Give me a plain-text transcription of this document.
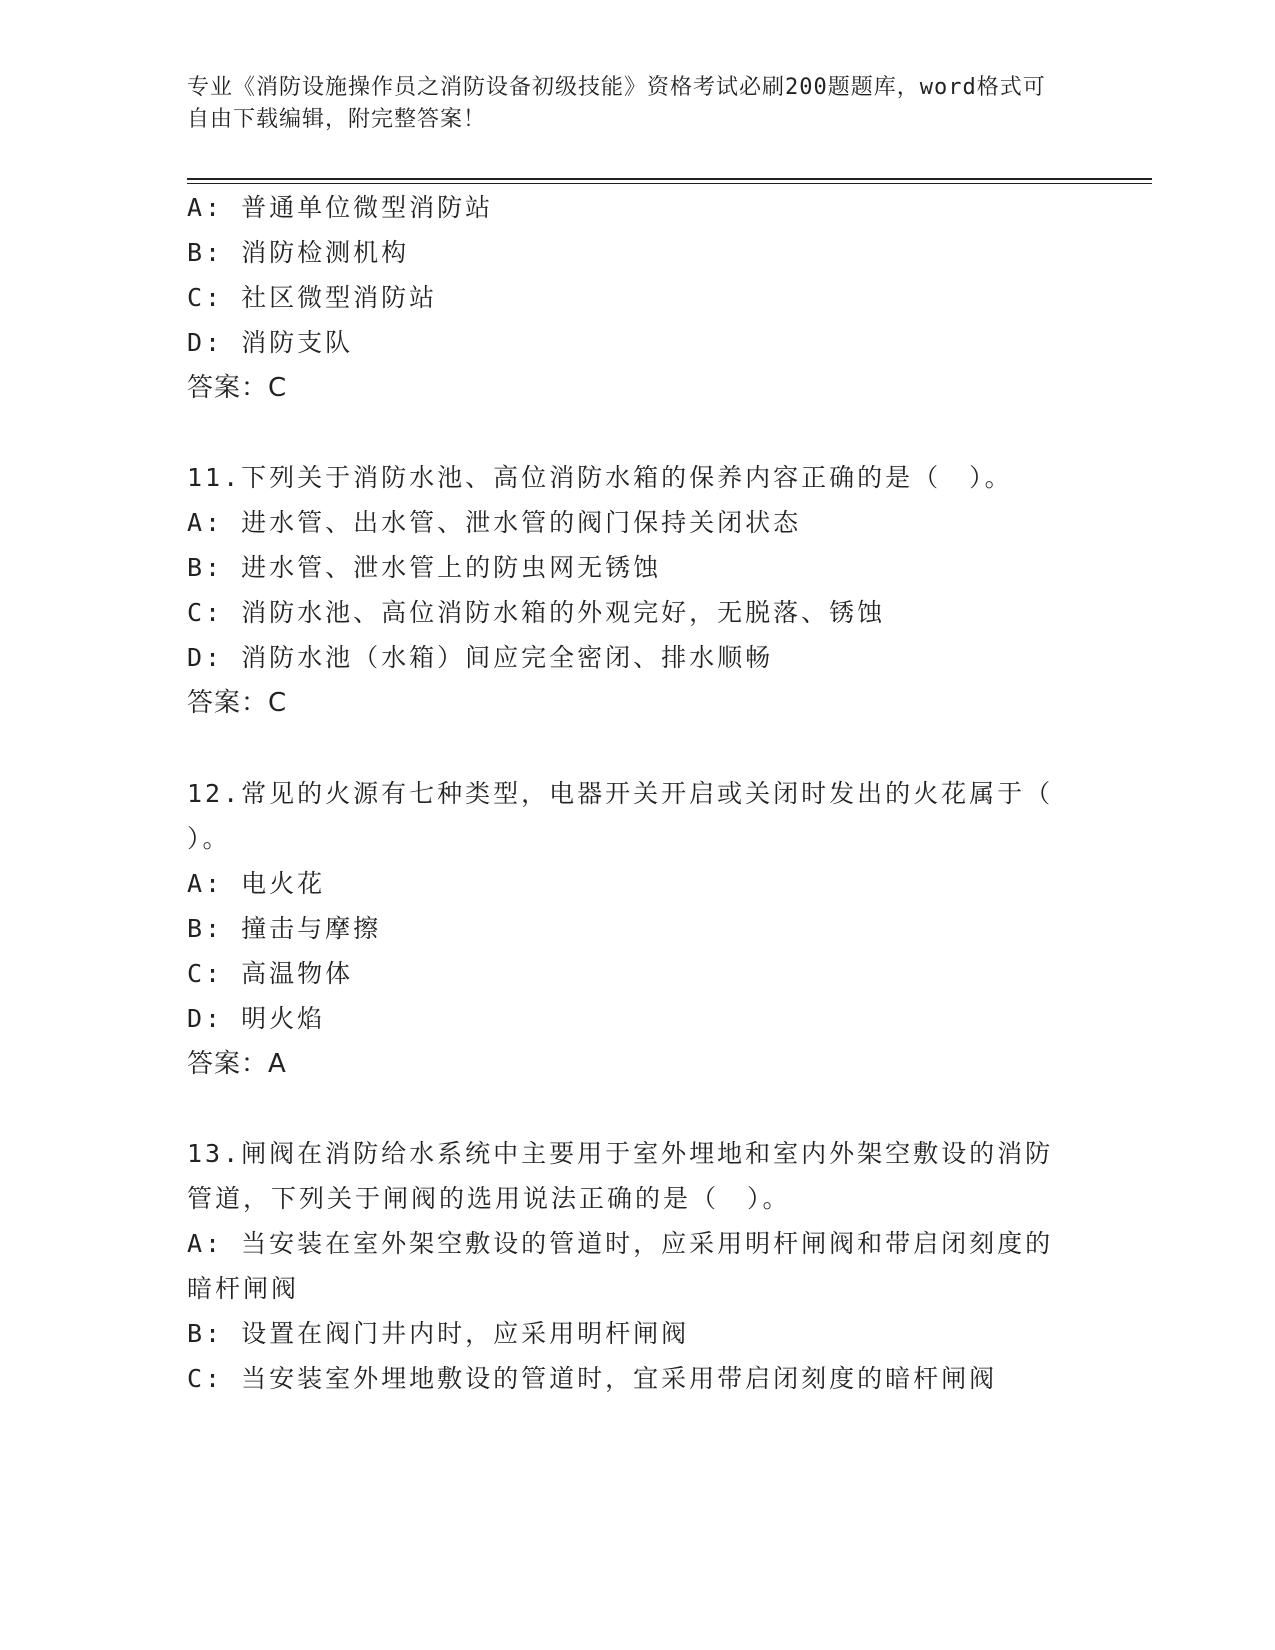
专业《消防设施操作员之消防设备初级技能》资格考试必刷200题题库，word格式可自由下载编辑，附完整答案！
A: 普通单位微型消防站
B: 消防检测机构
C: 社区微型消防站
D: 消防支队
答案：C
11.下列关于消防水池、高位消防水箱的保养内容正确的是（　）。
A: 进水管、出水管、泄水管的阀门保持关闭状态
B: 进水管、泄水管上的防虫网无锈蚀
C: 消防水池、高位消防水箱的外观完好，无脱落、锈蚀
D: 消防水池（水箱）间应完全密闭、排水顺畅
答案：C
12.常见的火源有七种类型，电器开关开启或关闭时发出的火花属于（
）。
A: 电火花
B: 撞击与摩擦
C: 高温物体
D: 明火焰
答案：A
13.闸阀在消防给水系统中主要用于室外埋地和室内外架空敷设的消防
管道，下列关于闸阀的选用说法正确的是（　）。
A: 当安装在室外架空敷设的管道时，应采用明杆闸阀和带启闭刻度的
暗杆闸阀
B: 设置在阀门井内时，应采用明杆闸阀
C: 当安装室外埋地敷设的管道时，宜采用带启闭刻度的暗杆闸阀
